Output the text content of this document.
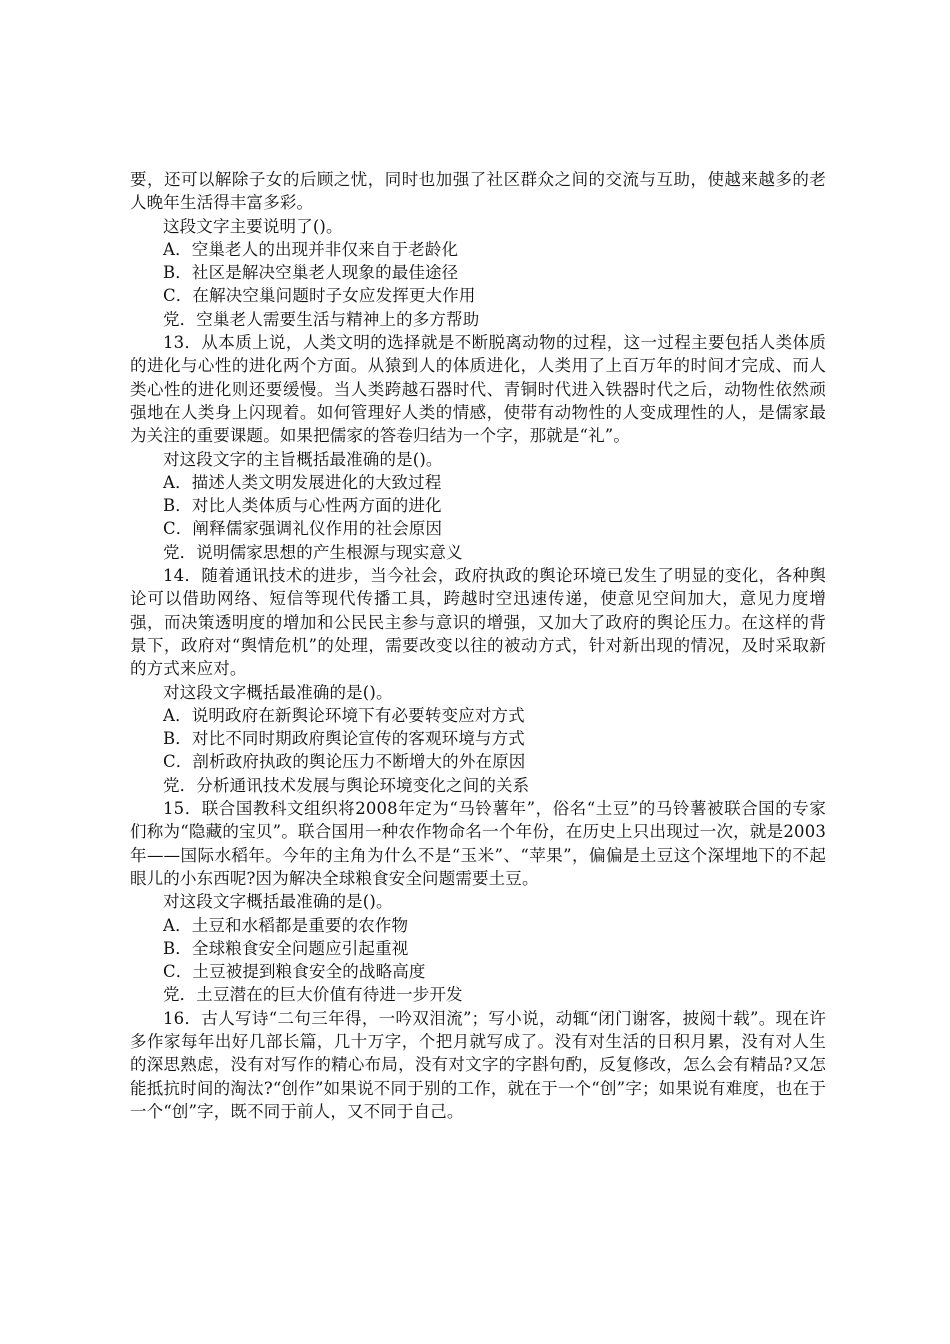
要，还可以解除子女的后顾之忧，同时也加强了社区群众之间的交流与互助，使越来越多的老人晚年生活得丰富多彩。

这段文字主要说明了()。

A．空巢老人的出现并非仅来自于老龄化

B．社区是解决空巢老人现象的最佳途径

C．在解决空巢问题时子女应发挥更大作用

党．空巢老人需要生活与精神上的多方帮助

13．从本质上说，人类文明的选择就是不断脱离动物的过程，这一过程主要包括人类体质的进化与心性的进化两个方面。从猿到人的体质进化，人类用了上百万年的时间才完成、而人类心性的进化则还要缓慢。当人类跨越石器时代、青铜时代进入铁器时代之后，动物性依然顽强地在人类身上闪现着。如何管理好人类的情感，使带有动物性的人变成理性的人，是儒家最为关注的重要课题。如果把儒家的答卷归结为一个字，那就是“礼”。

对这段文字的主旨概括最准确的是()。

A．描述人类文明发展进化的大致过程

B．对比人类体质与心性两方面的进化

C．阐释儒家强调礼仪作用的社会原因

党．说明儒家思想的产生根源与现实意义

14．随着通讯技术的进步，当今社会，政府执政的舆论环境已发生了明显的变化，各种舆论可以借助网络、短信等现代传播工具，跨越时空迅速传递，使意见空间加大，意见力度增强，而决策透明度的增加和公民民主参与意识的增强，又加大了政府的舆论压力。在这样的背景下，政府对“舆情危机”的处理，需要改变以往的被动方式，针对新出现的情况，及时采取新的方式来应对。

对这段文字概括最准确的是()。

A．说明政府在新舆论环境下有必要转变应对方式

B．对比不同时期政府舆论宣传的客观环境与方式

C．剖析政府执政的舆论压力不断增大的外在原因

党．分析通讯技术发展与舆论环境变化之间的关系

15．联合国教科文组织将2008年定为“马铃薯年”，俗名“土豆”的马铃薯被联合国的专家们称为“隐藏的宝贝”。联合国用一种农作物命名一个年份，在历史上只出现过一次，就是2003年——国际水稻年。今年的主角为什么不是“玉米”、“苹果”，偏偏是土豆这个深埋地下的不起眼儿的小东西呢?因为解决全球粮食安全问题需要土豆。

对这段文字概括最准确的是()。

A．土豆和水稻都是重要的农作物

B．全球粮食安全问题应引起重视

C．土豆被提到粮食安全的战略高度

党．土豆潜在的巨大价值有待进一步开发

16．古人写诗“二句三年得，一吟双泪流”；写小说，动辄“闭门谢客，披阅十载”。现在许多作家每年出好几部长篇，几十万字，个把月就写成了。没有对生活的日积月累，没有对人生的深思熟虑，没有对写作的精心布局，没有对文字的字斟句酌，反复修改，怎么会有精品?又怎能抵抗时间的淘汰?“创作”如果说不同于别的工作，就在于一个“创”字；如果说有难度，也在于一个“创”字，既不同于前人，又不同于自己。
